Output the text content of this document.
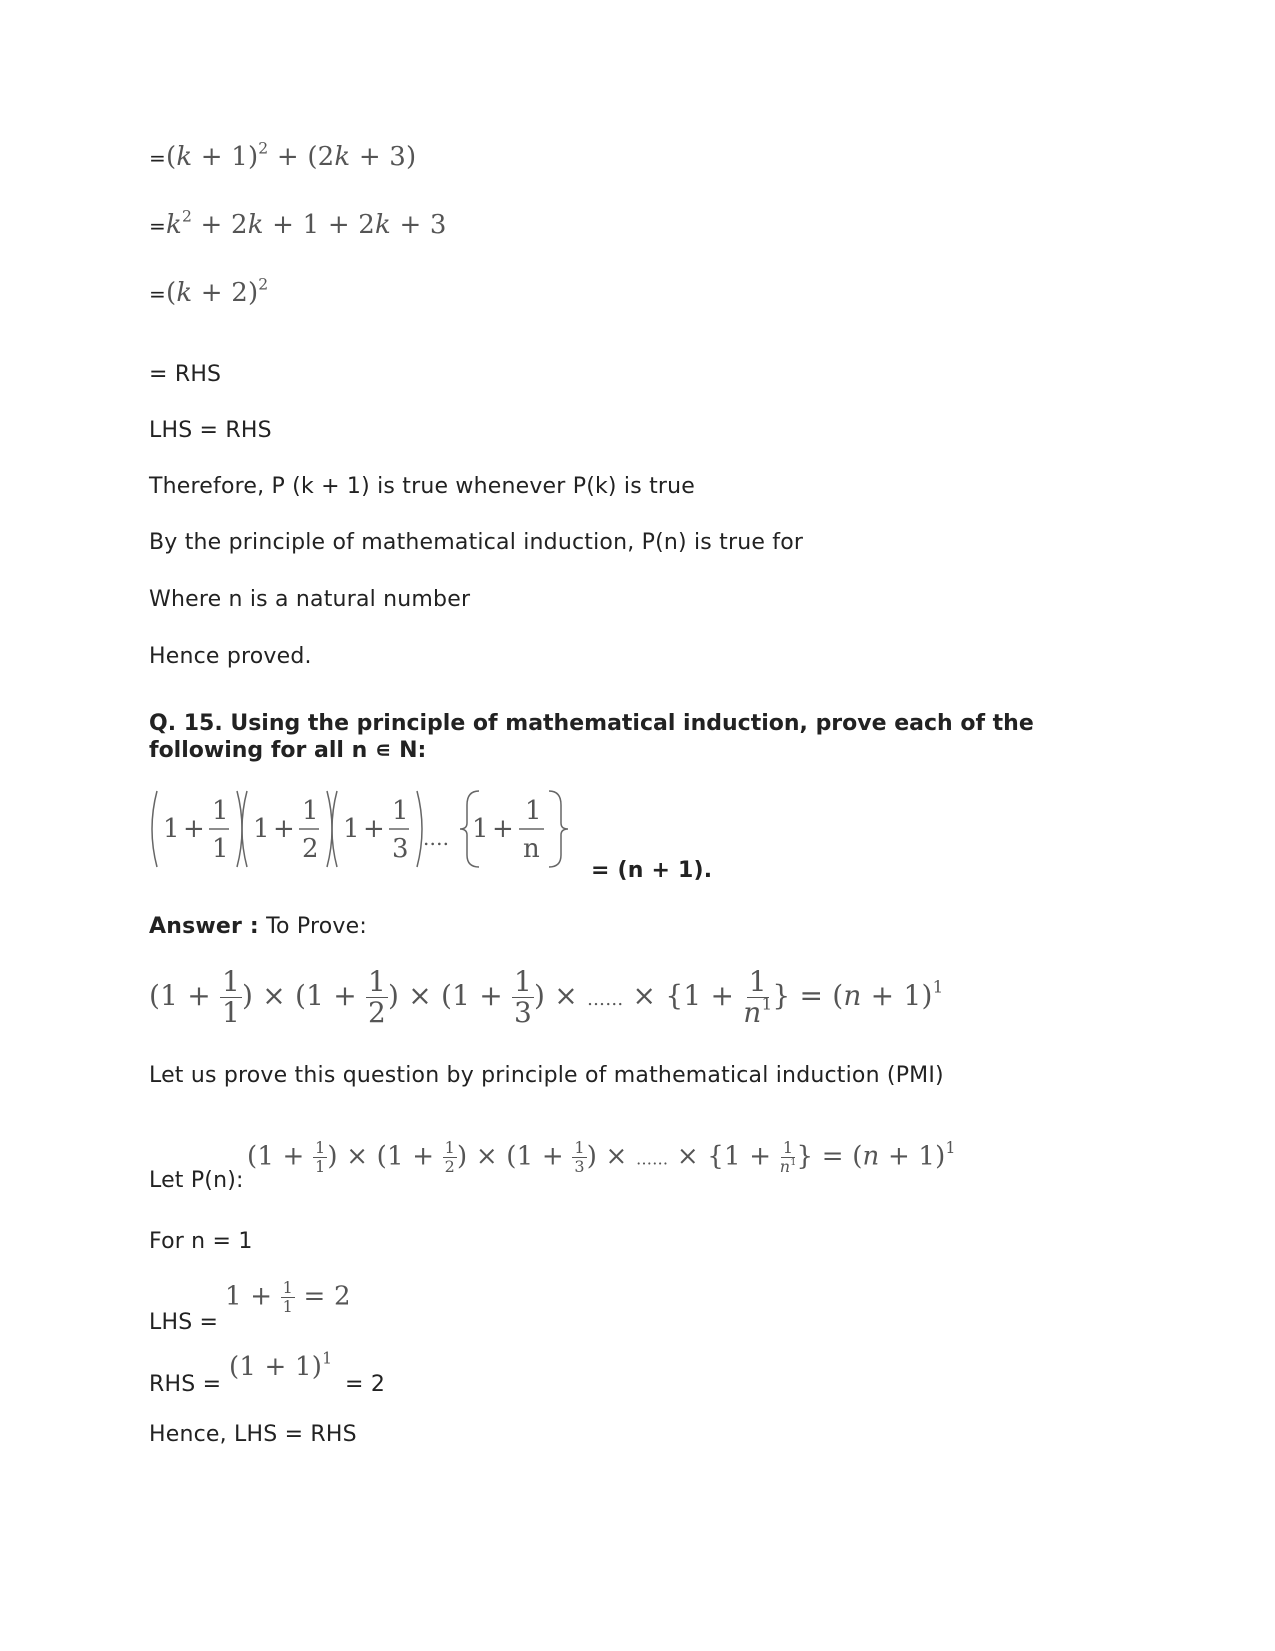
$=(k + 1)^2 + (2k + 3)$
$=k^2 + 2k + 1 + 2k + 3$
$=(k + 2)^2$
= RHS
LHS = RHS
Therefore, P (k + 1) is true whenever P(k) is true
By the principle of mathematical induction, P(n) is true for
Where n is a natural number
Hence proved.
Q. 15. Using the principle of mathematical induction, prove each of the following for all n ∊ N:
1 +
1
1
1 +
1
2
1 +
1
3 .... 1 +
1
n
= (n + 1).
Answer : To Prove:
($1 + \frac{1}{1}$ ) × ($1 + \frac{1}{2}$ ) × ($1 + \frac{1}{3}$ ) × …… × {$1 + \frac{1}{n^1}$ } = $(n + 1)^1$
Let us prove this question by principle of mathematical induction (PMI)
Let P(n):
($1 + \frac{1}{1}$ ) × ($1 + \frac{1}{2}$ ) × ($1 + \frac{1}{3}$ ) × …… × {$1 + \frac{1}{n^1}$ } = $(n + 1)^1$
For n = 1
LHS =
$1 + \frac{1}{1} = 2$
RHS =
$(1 + 1)^1$
= 2
Hence, LHS = RHS
